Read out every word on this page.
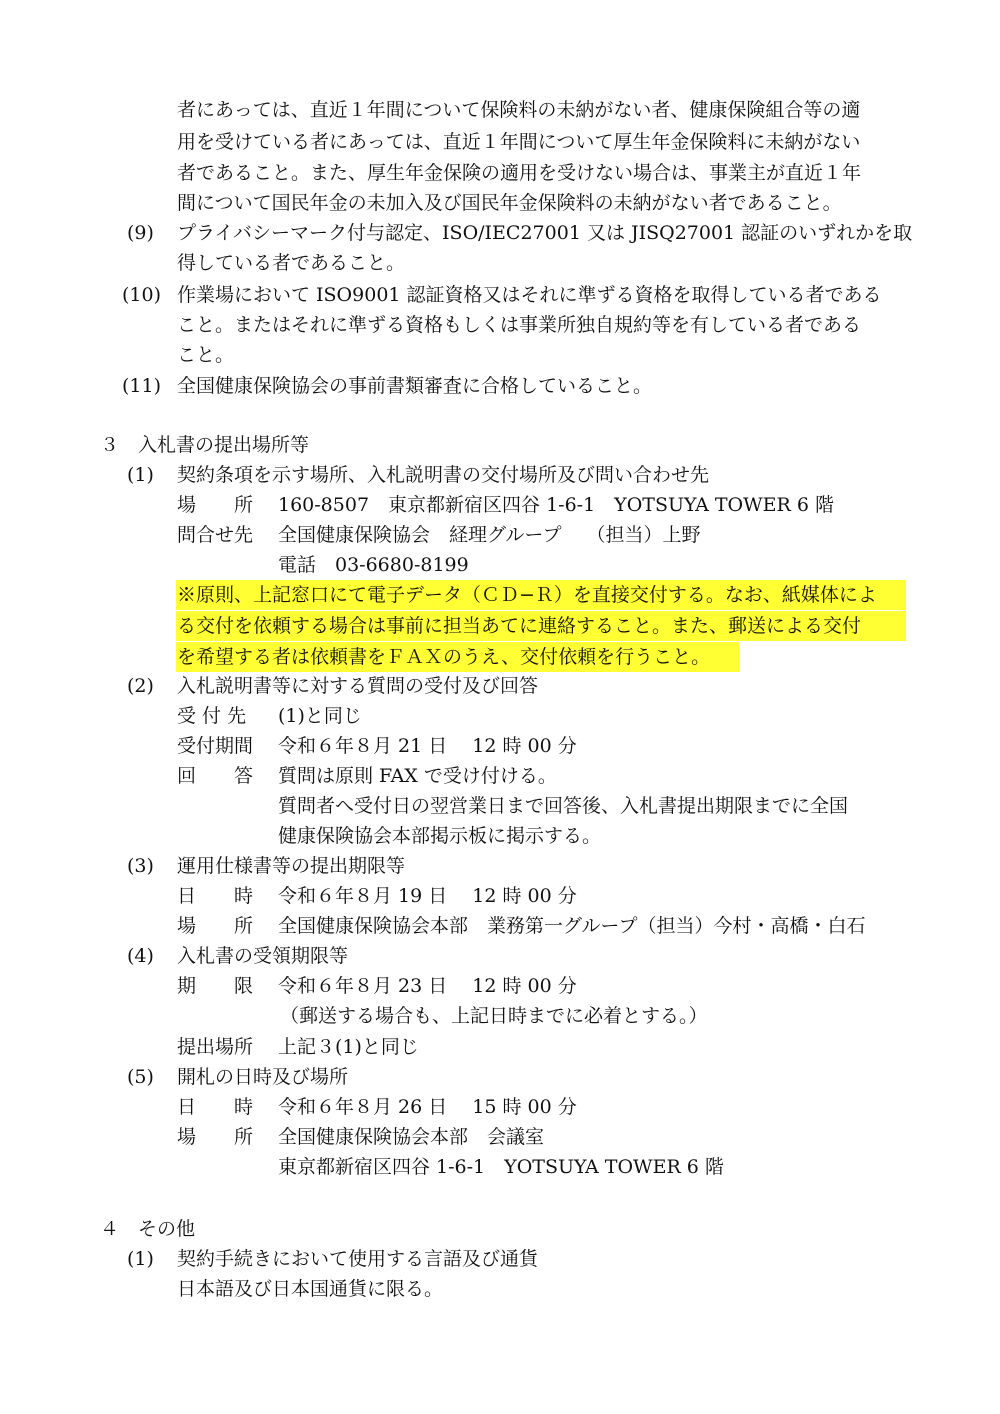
者にあっては、直近１年間について保険料の未納がない者、健康保険組合等の適
用を受けている者にあっては、直近１年間について厚生年金保険料に未納がない
者であること。また、厚生年金保険の適用を受けない場合は、事業主が直近１年
間について国民年金の未加入及び国民年金保険料の未納がない者であること。
(9) プライバシーマーク付与認定、ISO/IEC27001 又は JISQ27001 認証のいずれかを取
得している者であること。
(10) 作業場において ISO9001 認証資格又はそれに準ずる資格を取得している者である
こと。またはそれに準ずる資格もしくは事業所独自規約等を有している者である
こと。
(11) 全国健康保険協会の事前書類審査に合格していること。
３　入札書の提出場所等
(1) 契約条項を示す場所、入札説明書の交付場所及び問い合わせ先
場　　所 160-8507　東京都新宿区四谷 1-6-1　YOTSUYA TOWER 6 階
問合せ先 全国健康保険協会　経理グループ　 （担当）上野
電話　03-6680-8199
※原則、上記窓口にて電子データ（ＣＤ−Ｒ）を直接交付する。なお、紙媒体によ
る交付を依頼する場合は事前に担当あてに連絡すること。また、郵送による交付
を希望する者は依頼書をＦＡＸのうえ、交付依頼を行うこと。
(2) 入札説明書等に対する質問の受付及び回答
受 付 先 (1)と同じ
受付期間 令和６年８月 21 日　 12 時 00 分
回　　答 質問は原則 FAX で受け付ける。
質問者へ受付日の翌営業日まで回答後、入札書提出期限までに全国
健康保険協会本部掲示板に掲示する。
(3) 運用仕様書等の提出期限等
日　　時 令和６年８月 19 日　 12 時 00 分
場　　所 全国健康保険協会本部　業務第一グループ（担当）今村・高橋・白石
(4) 入札書の受領期限等
期　　限 令和６年８月 23 日　 12 時 00 分
（郵送する場合も、上記日時までに必着とする。）
提出場所 上記３(1)と同じ
(5) 開札の日時及び場所
日　　時 令和６年８月 26 日　 15 時 00 分
場　　所 全国健康保険協会本部　会議室
東京都新宿区四谷 1-6-1　YOTSUYA TOWER 6 階
４　その他
(1) 契約手続きにおいて使用する言語及び通貨
日本語及び日本国通貨に限る。
